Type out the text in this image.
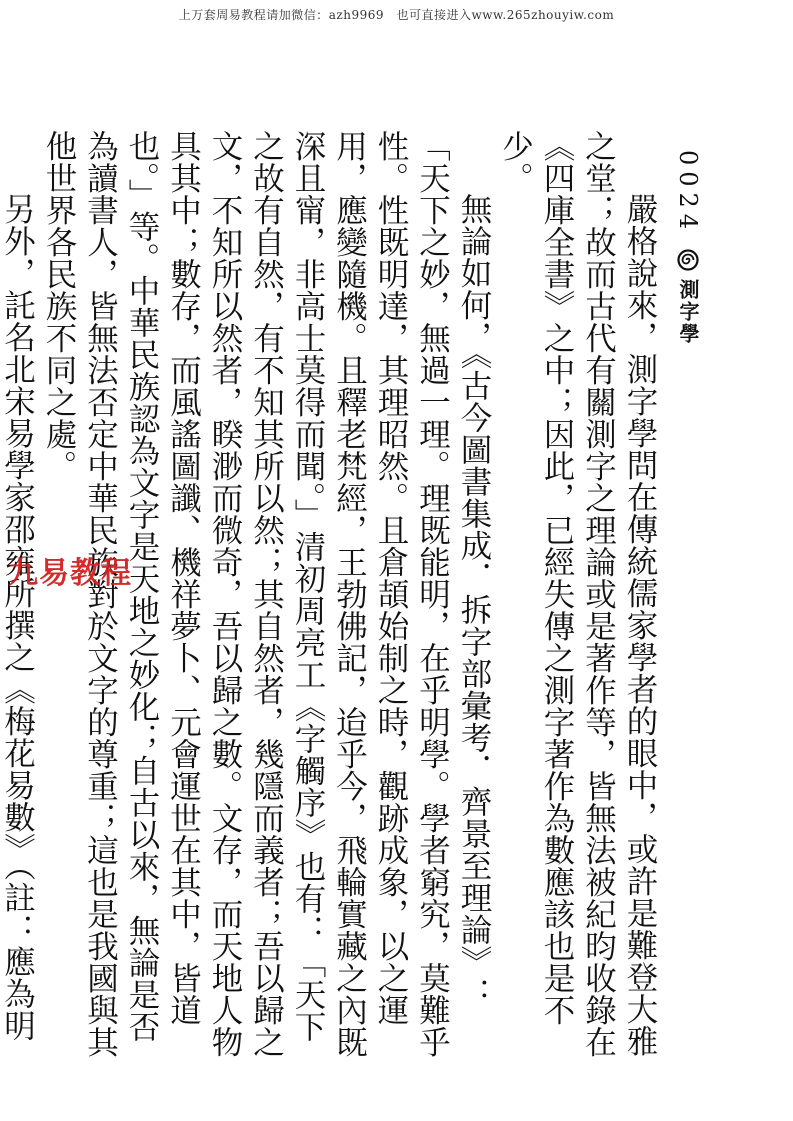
上万套周易教程请加微信：azh9969　也可直接进入www.265zhouyiw.com
0024
測字學

嚴格說來，測字學問在傳統儒家學者的眼中，或許是難登大雅之堂；故而古代有關測字之理論或是著作等，皆無法被紀昀收錄在《四庫全書》之中；因此，已經失傳之測字著作為數應該也是不少。

無論如何，《古今圖書集成．拆字部彙考．齊景至理論》：「天下之妙，無過一理。理既能明，在乎明學。學者窮究，莫難乎性。性既明達，其理昭然。且倉頡始制之時，觀跡成象，以之運用，應變隨機。且釋老梵經，王勃佛記，迨乎今，飛輪實藏之內既深且甯，非高士莫得而聞。」清初周亮工《字觸序》也有：「天下之故有自然，有不知其所以然；其自然者，幾隱而義者；吾以歸之文，不知所以然者，睽渺而微奇，吾以歸之數。文存，而天地人物具其中；數存，而風謠圖讖、機祥夢卜、元會運世在其中，皆道也。」等。中華民族認為文字是天地之妙化；自古以來，無論是否為讀書人，皆無法否定中華民族對於文字的尊重；這也是我國與其他世界各民族不同之處。

另外，託名北宋易學家邵雍所撰之《梅花易數》（註：應為明

九易教程
